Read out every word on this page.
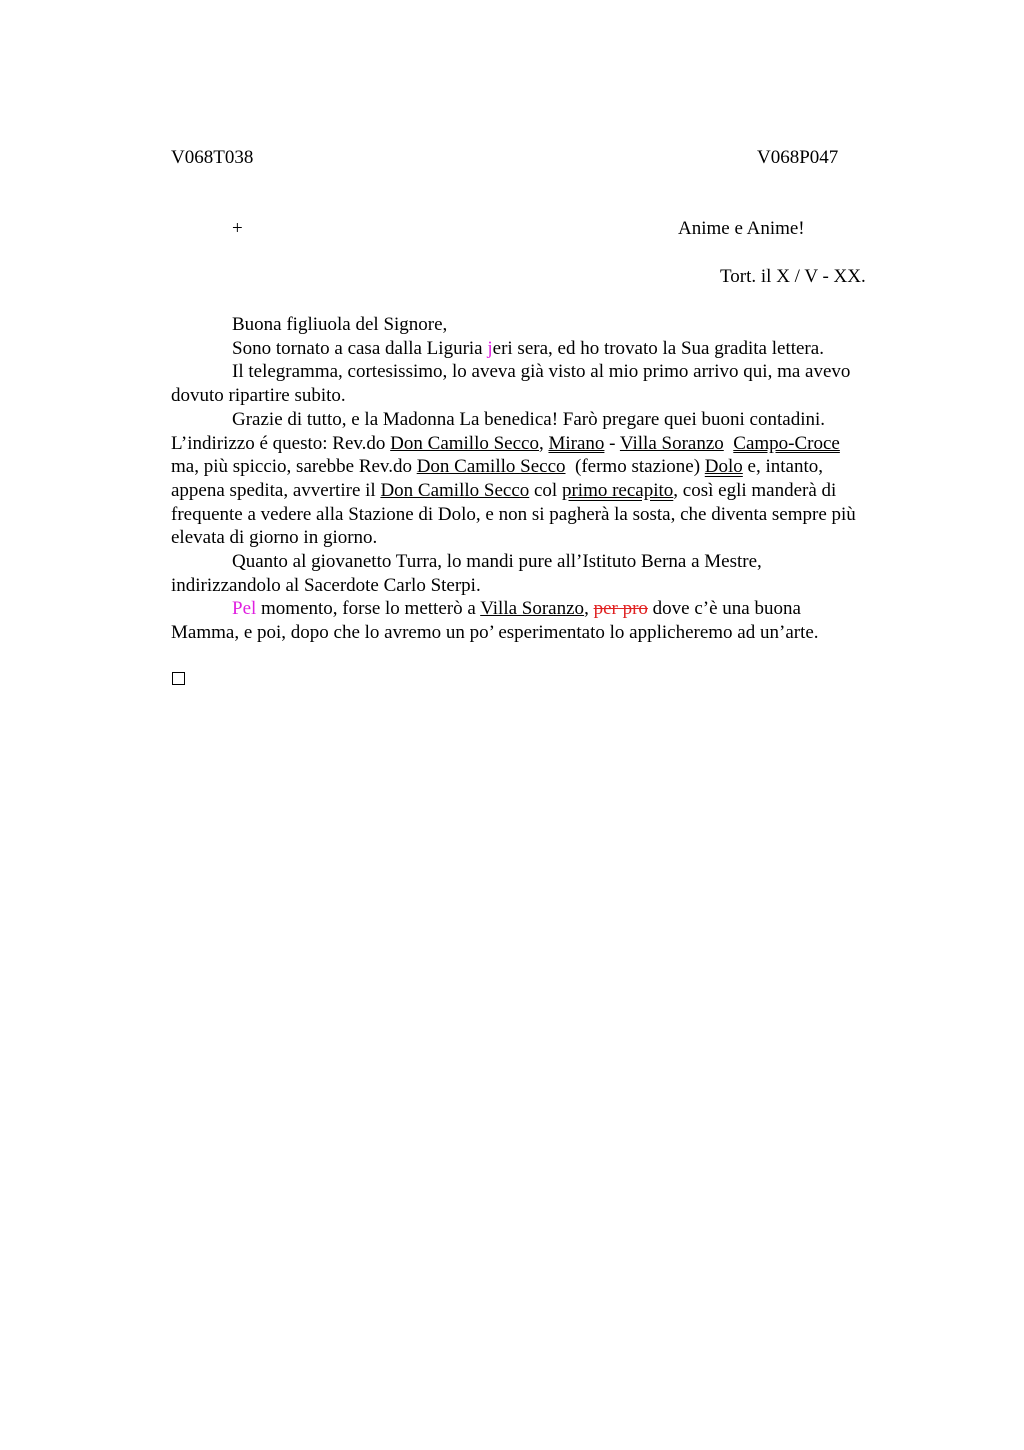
V068T038	V068P047
+	Anime e Anime!
Tort. il X / V - XX.
Buona figliuola del Signore,
Sono tornato a casa dalla Liguria jeri sera, ed ho trovato la Sua gradita lettera.
Il telegramma, cortesissimo, lo aveva già visto al mio primo arrivo qui, ma avevo
dovuto ripartire subito.
Grazie di tutto, e la Madonna La benedica! Farò pregare quei buoni contadini.
L’indirizzo é questo: Rev.do Don Camillo Secco, Mirano - Villa Soranzo Campo-Croce
ma, più spiccio, sarebbe Rev.do Don Camillo Secco  (fermo stazione) Dolo e, intanto,
appena spedita, avvertire il Don Camillo Secco col primo recapito, così egli manderà di
frequente a vedere alla Stazione di Dolo, e non si pagherà la sosta, che diventa sempre più
elevata di giorno in giorno.
Quanto al giovanetto Turra, lo mandi pure all’Istituto Berna a Mestre,
indirizzandolo al Sacerdote Carlo Sterpi.
Pel momento, forse lo metterò a Villa Soranzo, per pro dove c’è una buona
Mamma, e poi, dopo che lo avremo un po’ esperimentato lo applicheremo ad un’arte.
